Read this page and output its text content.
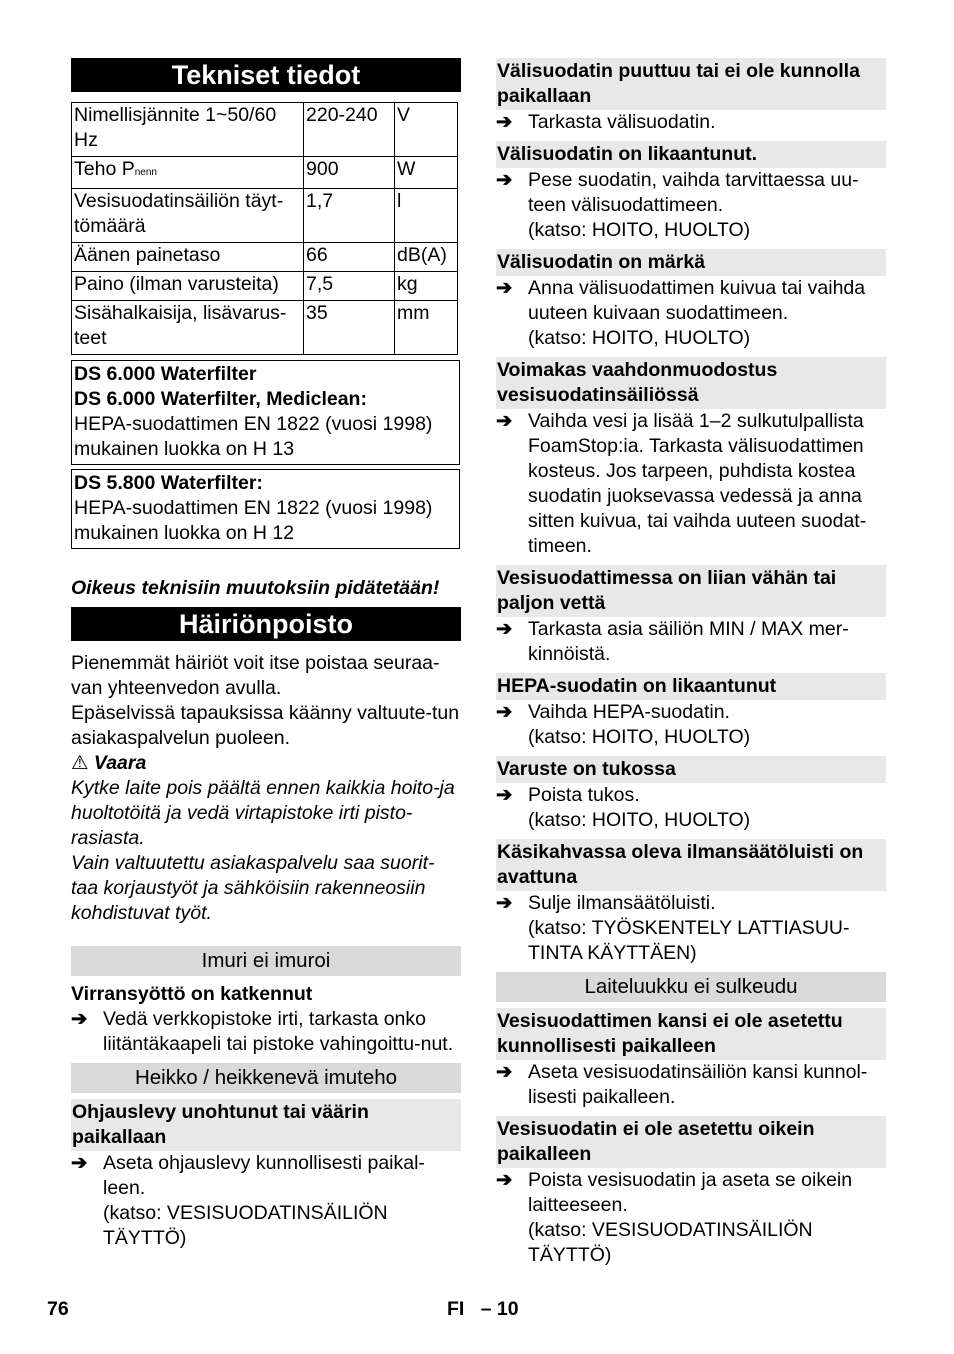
Tekniset tiedot
Nimellisjännite 1~50/60 Hz	220-240	V
Teho Pnenn	900	W
Vesisuodatinsäiliön täyt-tömäärä	1,7	l
Äänen painetaso	66	dB(A)
Paino (ilman varusteita)	7,5	kg
Sisähalkaisija, lisävarus-teet	35	mm
DS 6.000 Waterfilter
DS 6.000 Waterfilter, Mediclean:
HEPA-suodattimen EN 1822 (vuosi 1998) mukainen luokka on H 13
DS 5.800 Waterfilter:
HEPA-suodattimen EN 1822 (vuosi 1998) mukainen luokka on H 12
Oikeus teknisiin muutoksiin pidätetään!
Häiriönpoisto

Pienemmät häiriöt voit itse poistaa seuraa-van yhteenvedon avulla.

Epäselvissä tapauksissa käänny valtuute-tun asiakaspalvelun puoleen.

⚠ Vaara

Kytke laite pois päältä ennen kaikkia hoito-ja huoltotöitä ja vedä virtapistoke irti pisto-rasiasta.

Vain valtuutettu asiakaspalvelu saa suorit-taa korjaustyöt ja sähköisiin rakenneosiin kohdistuvat työt.

Imuri ei imuroi
Virransyöttö on katkennut
➔ Vedä verkkopistoke irti, tarkasta onko liitäntäkaapeli tai pistoke vahingoittu-nut.
Heikko / heikkenevä imuteho
Ohjauslevy unohtunut tai väärin paikallaan
➔ Aseta ohjauslevy kunnollisesti paikal-leen.
(katso: VESISUODATINSÄILIÖN TÄYTTÖ)
Välisuodatin puuttuu tai ei ole kunnolla paikallaan
➔ Tarkasta välisuodatin.
Välisuodatin on likaantunut.
➔ Pese suodatin, vaihda tarvittaessa uu-teen välisuodattimeen.
(katso: HOITO, HUOLTO)
Välisuodatin on märkä
➔ Anna välisuodattimen kuivua tai vaihda uuteen kuivaan suodattimeen.
(katso: HOITO, HUOLTO)
Voimakas vaahdonmuodostus vesisuodatinsäiliössä
➔ Vaihda vesi ja lisää 1–2 sulkutulpallista FoamStop:ia. Tarkasta välisuodattimen kosteus. Jos tarpeen, puhdista kostea suodatin juoksevassa vedessä ja anna sitten kuivua, tai vaihda uuteen suodat-timeen.
Vesisuodattimessa on liian vähän tai paljon vettä
➔ Tarkasta asia säiliön MIN / MAX mer-kinnöistä.
HEPA-suodatin on likaantunut
➔ Vaihda HEPA-suodatin.
(katso: HOITO, HUOLTO)
Varuste on tukossa
➔ Poista tukos.
(katso: HOITO, HUOLTO)
Käsikahvassa oleva ilmansäätöluisti on avattuna
➔ Sulje ilmansäätöluisti.
(katso: TYÖSKENTELY LATTIASUU-TINTA KÄYTTÄEN)
Laiteluukku ei sulkeudu
Vesisuodattimen kansi ei ole asetettu kunnollisesti paikalleen
➔ Aseta vesisuodatinsäiliön kansi kunnol-lisesti paikalleen.
Vesisuodatin ei ole asetettu oikein paikalleen
➔ Poista vesisuodatin ja aseta se oikein laitteeseen.
(katso: VESISUODATINSÄILIÖN TÄYTTÖ)
76	FI   – 10
